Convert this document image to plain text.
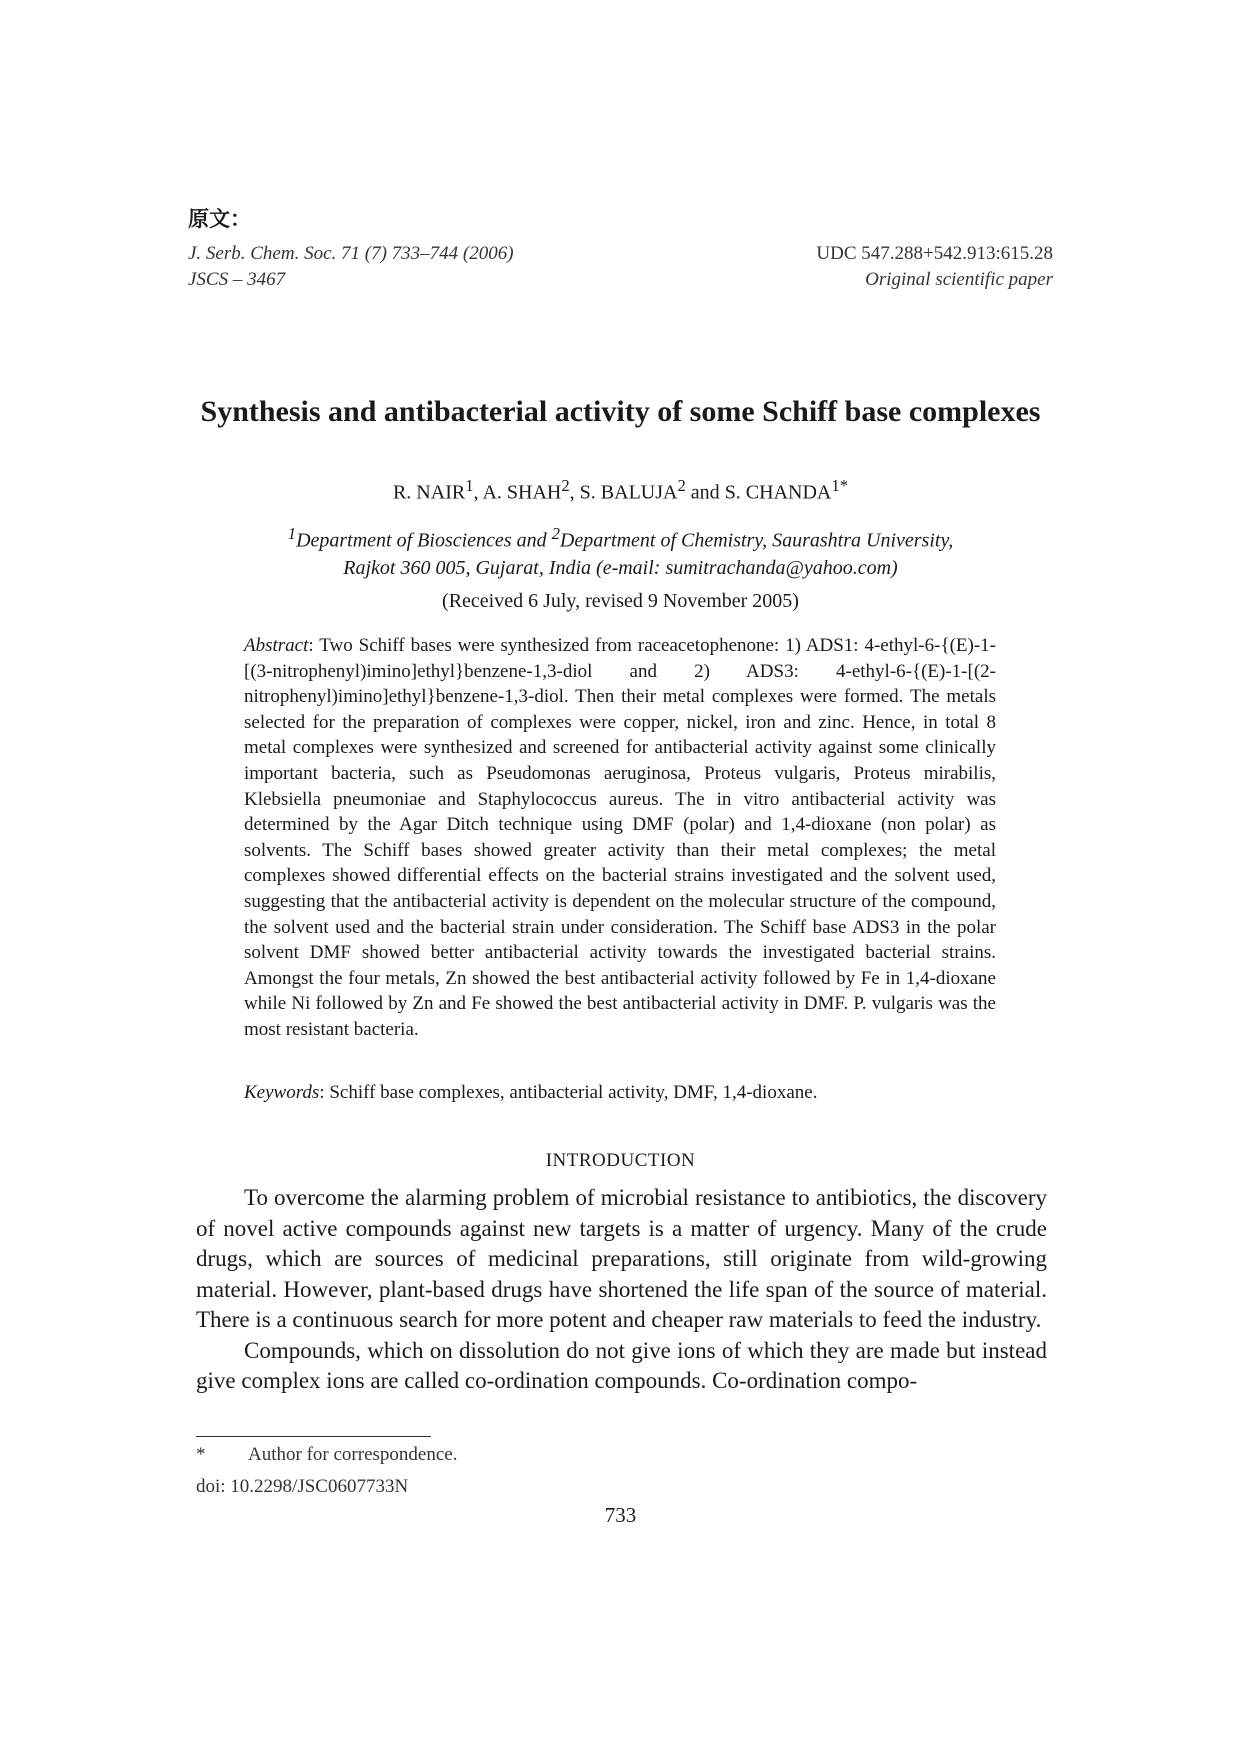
原文：
J. Serb. Chem. Soc. 71 (7) 733–744 (2006)
JSCS – 3467
UDC 547.288+542.913:615.28
Original scientific paper
Synthesis and antibacterial activity of some Schiff base complexes
R. NAIR$^1$, A. SHAH$^2$, S. BALUJA$^2$ and S. $CHANDA^{1*}$
$^1$Department of Biosciences and $^2$Department of Chemistry, Saurashtra University,
Rajkot 360 005, Gujarat, India (e-mail: sumitrachanda@yahoo.com)
(Received 6 July, revised 9 November 2005)
Abstract: Two Schiff bases were synthesized from raceacetophenone: 1) ADS1: 4-ethyl-6-{(E)-1-[(3-nitrophenyl)imino]ethyl}benzene-1,3-diol and 2) ADS3: 4-ethyl-6-{(E)-1-[(2-nitrophenyl)imino]ethyl}benzene-1,3-diol. Then their metal complexes were formed. The metals selected for the preparation of complexes were copper, nickel, iron and zinc. Hence, in total 8 metal complexes were synthesized and screened for antibacterial activity against some clinically important bacteria, such as Pseudomonas aeruginosa, Proteus vulgaris, Proteus mirabilis, Klebsiella pneumoniae and Staphylococcus aureus. The in vitro antibacterial activity was determined by the Agar Ditch technique using DMF (polar) and 1,4-dioxane (non polar) as solvents. The Schiff bases showed greater activity than their metal complexes; the metal complexes showed differential effects on the bacterial strains investigated and the solvent used, suggesting that the antibacterial activity is dependent on the molecular structure of the compound, the solvent used and the bacterial strain under consideration. The Schiff base ADS3 in the polar solvent DMF showed better antibacterial activity towards the investigated bacterial strains. Amongst the four metals, Zn showed the best antibacterial activity followed by Fe in 1,4-dioxane while Ni followed by Zn and Fe showed the best antibacterial activity in DMF. P. vulgaris was the most resistant bacteria.
Keywords: Schiff base complexes, antibacterial activity, DMF, 1,4-dioxane.
INTRODUCTION

To overcome the alarming problem of microbial resistance to antibiotics, the discovery of novel active compounds against new targets is a matter of urgency. Many of the crude drugs, which are sources of medicinal preparations, still originate from wild-growing material. However, plant-based drugs have shortened the life span of the source of material. There is a continuous search for more potent and cheaper raw materials to feed the industry.

Compounds, which on dissolution do not give ions of which they are made but instead give complex ions are called co-ordination compounds. Co-ordination compo-

* Author for correspondence.
doi: 10.2298/JSC0607733N
733
